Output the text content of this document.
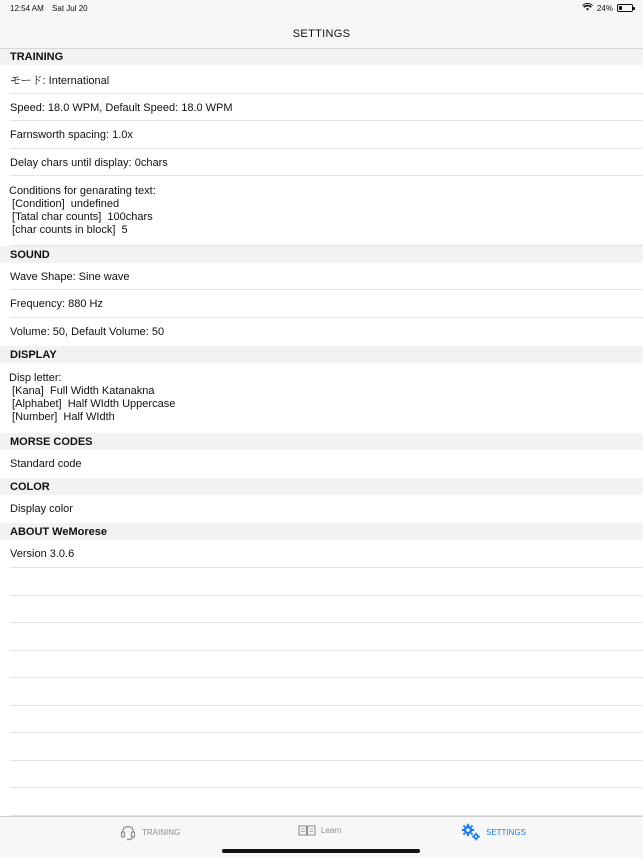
12:54 AM Sat Jul 20	24%
SETTINGS
TRAINING
モード: International
Speed: 18.0 WPM, Default Speed: 18.0 WPM
Farnsworth spacing: 1.0x
Delay chars until display: 0chars
Conditions for genarating text:
[Condition]  undefined
[Tatal char counts]  100chars
[char counts in block]  5
SOUND
Wave Shape: Sine wave
Frequency: 880 Hz
Volume: 50, Default Volume: 50
DISPLAY
Disp letter:
[Kana]  Full Width Katanakna
[Alphabet]  Half WIdth Uppercase
[Number]  Half WIdth
MORSE CODES
Standard code
COLOR
Display color
ABOUT WeMorese
Version 3.0.6
TRAINING	Learn	SETTINGS
